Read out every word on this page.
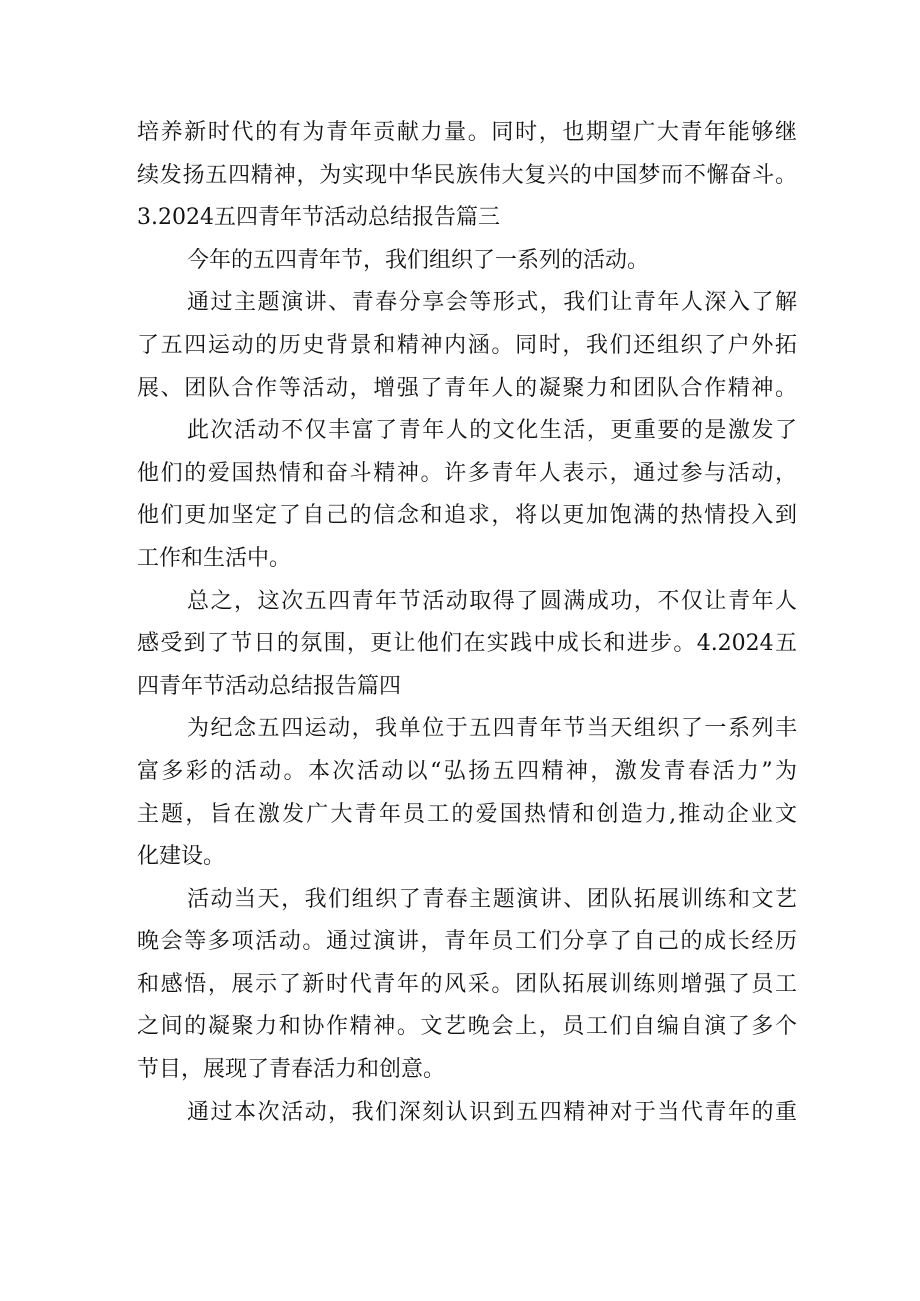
培养新时代的有为青年贡献力量。同时，也期望广大青年能够继
续发扬五四精神，为实现中华民族伟大复兴的中国梦而不懈奋斗。
3.2024五四青年节活动总结报告篇三
今年的五四青年节，我们组织了一系列的活动。
通过主题演讲、青春分享会等形式，我们让青年人深入了解
了五四运动的历史背景和精神内涵。同时，我们还组织了户外拓
展、团队合作等活动，增强了青年人的凝聚力和团队合作精神。
此次活动不仅丰富了青年人的文化生活，更重要的是激发了
他们的爱国热情和奋斗精神。许多青年人表示，通过参与活动，
他们更加坚定了自己的信念和追求，将以更加饱满的热情投入到
工作和生活中。
总之，这次五四青年节活动取得了圆满成功，不仅让青年人
感受到了节日的氛围，更让他们在实践中成长和进步。4.2024五
四青年节活动总结报告篇四
为纪念五四运动，我单位于五四青年节当天组织了一系列丰
富多彩的活动。本次活动以“弘扬五四精神，激发青春活力”为
主题，旨在激发广大青年员工的爱国热情和创造力,推动企业文
化建设。
活动当天，我们组织了青春主题演讲、团队拓展训练和文艺
晚会等多项活动。通过演讲，青年员工们分享了自己的成长经历
和感悟，展示了新时代青年的风采。团队拓展训练则增强了员工
之间的凝聚力和协作精神。文艺晚会上，员工们自编自演了多个
节目，展现了青春活力和创意。
通过本次活动，我们深刻认识到五四精神对于当代青年的重
